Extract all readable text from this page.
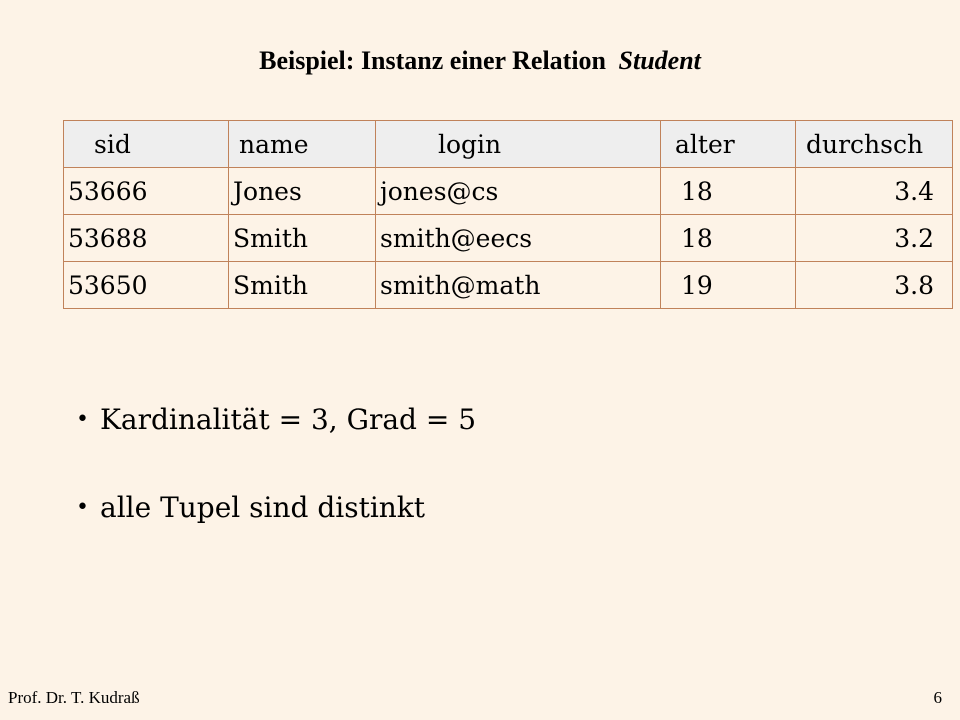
Beispiel: Instanz einer Relation Student
sid	name	login	alter	durchsch
53666	Jones	jones@cs	18	3.4
53688	Smith	smith@eecs	18	3.2
53650	Smith	smith@math	19	3.8
• Kardinalität = 3, Grad = 5
• alle Tupel sind distinkt
Prof. Dr. T. Kudraß	6
